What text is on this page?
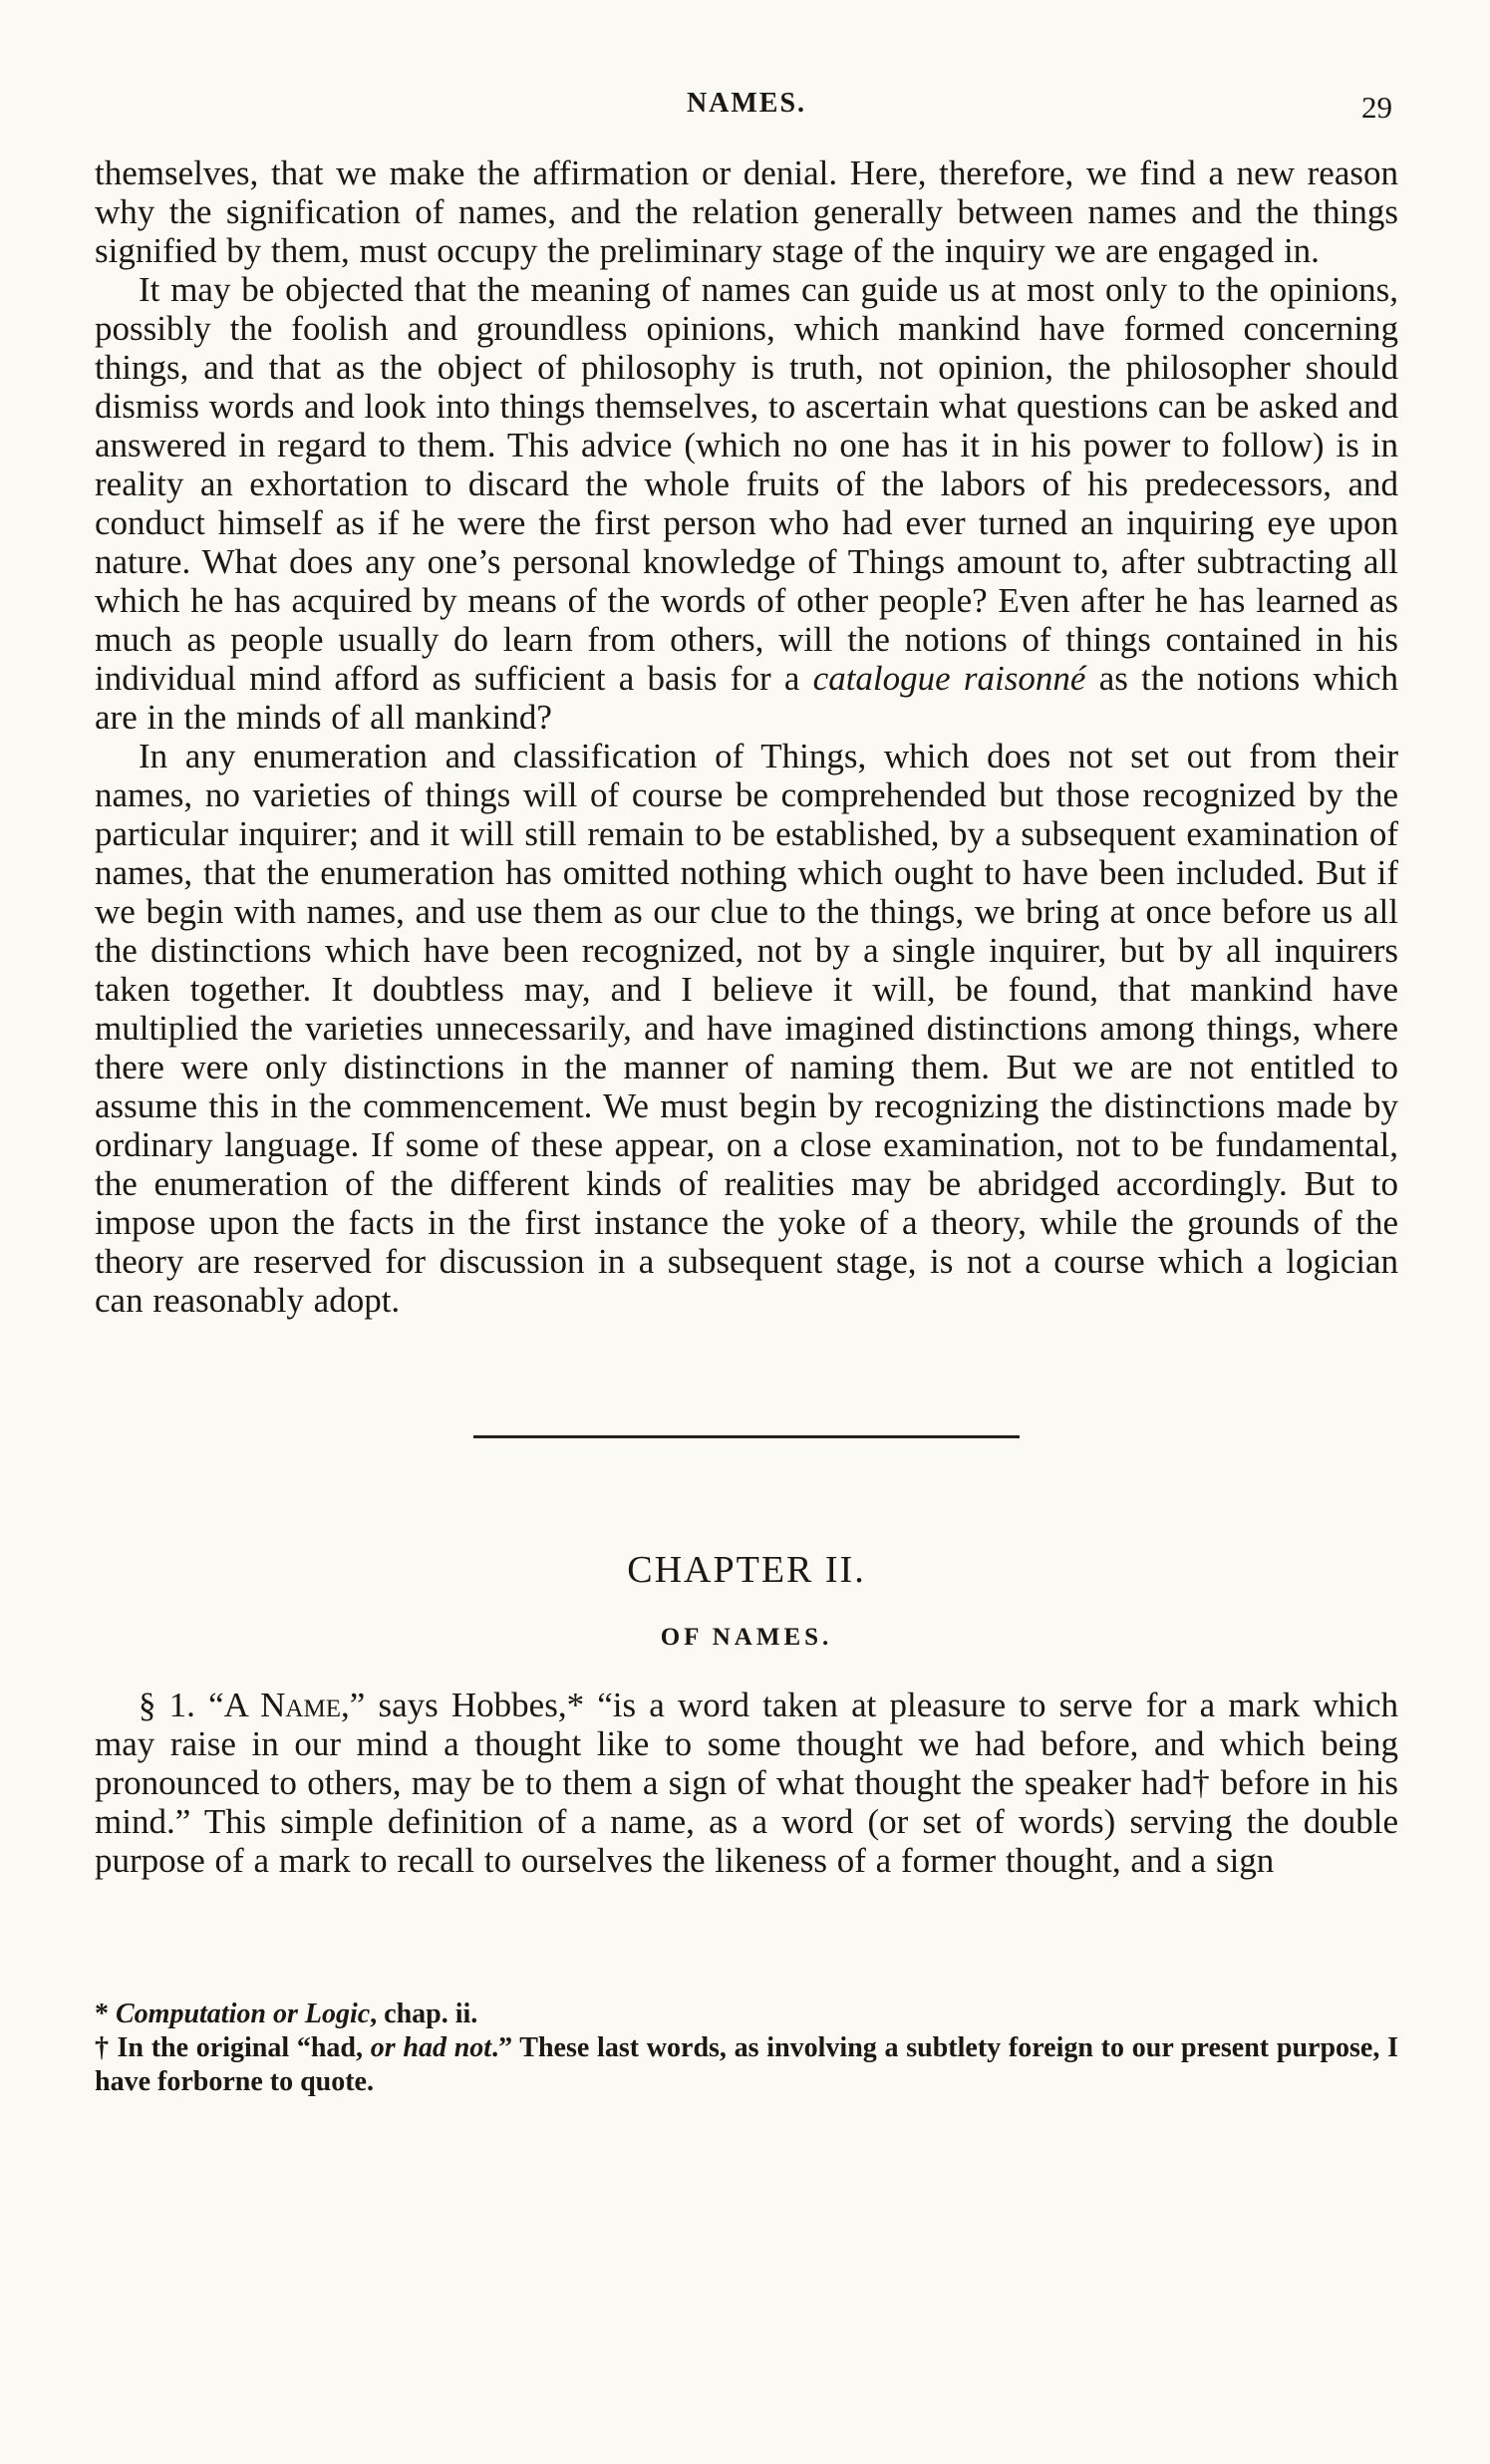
NAMES.	29

themselves, that we make the affirmation or denial. Here, therefore, we find a new reason why the signification of names, and the relation generally between names and the things signified by them, must occupy the preliminary stage of the inquiry we are engaged in.

It may be objected that the meaning of names can guide us at most only to the opinions, possibly the foolish and groundless opinions, which mankind have formed concerning things, and that as the object of philosophy is truth, not opinion, the philosopher should dismiss words and look into things themselves, to ascertain what questions can be asked and answered in regard to them. This advice (which no one has it in his power to follow) is in reality an exhortation to discard the whole fruits of the labors of his predecessors, and conduct himself as if he were the first person who had ever turned an inquiring eye upon nature. What does any one’s personal knowledge of Things amount to, after subtracting all which he has acquired by means of the words of other people? Even after he has learned as much as people usually do learn from others, will the notions of things contained in his individual mind afford as sufficient a basis for a catalogue raisonné as the notions which are in the minds of all mankind?

In any enumeration and classification of Things, which does not set out from their names, no varieties of things will of course be comprehended but those recognized by the particular inquirer; and it will still remain to be established, by a subsequent examination of names, that the enumeration has omitted nothing which ought to have been included. But if we begin with names, and use them as our clue to the things, we bring at once before us all the distinctions which have been recognized, not by a single inquirer, but by all inquirers taken together. It doubtless may, and I believe it will, be found, that mankind have multiplied the varieties unnecessarily, and have imagined distinctions among things, where there were only distinctions in the manner of naming them. But we are not entitled to assume this in the commencement. We must begin by recognizing the distinctions made by ordinary language. If some of these appear, on a close examination, not to be fundamental, the enumeration of the different kinds of realities may be abridged accordingly. But to impose upon the facts in the first instance the yoke of a theory, while the grounds of the theory are reserved for discussion in a subsequent stage, is not a course which a logician can reasonably adopt.

CHAPTER II.
OF NAMES.

§ 1. “A Name,” says Hobbes,* “is a word taken at pleasure to serve for a mark which may raise in our mind a thought like to some thought we had before, and which being pronounced to others, may be to them a sign of what thought the speaker had† before in his mind.” This simple definition of a name, as a word (or set of words) serving the double purpose of a mark to recall to ourselves the likeness of a former thought, and a sign

* Computation or Logic, chap. ii.

† In the original “had, or had not.” These last words, as involving a subtlety foreign to our present purpose, I have forborne to quote.
